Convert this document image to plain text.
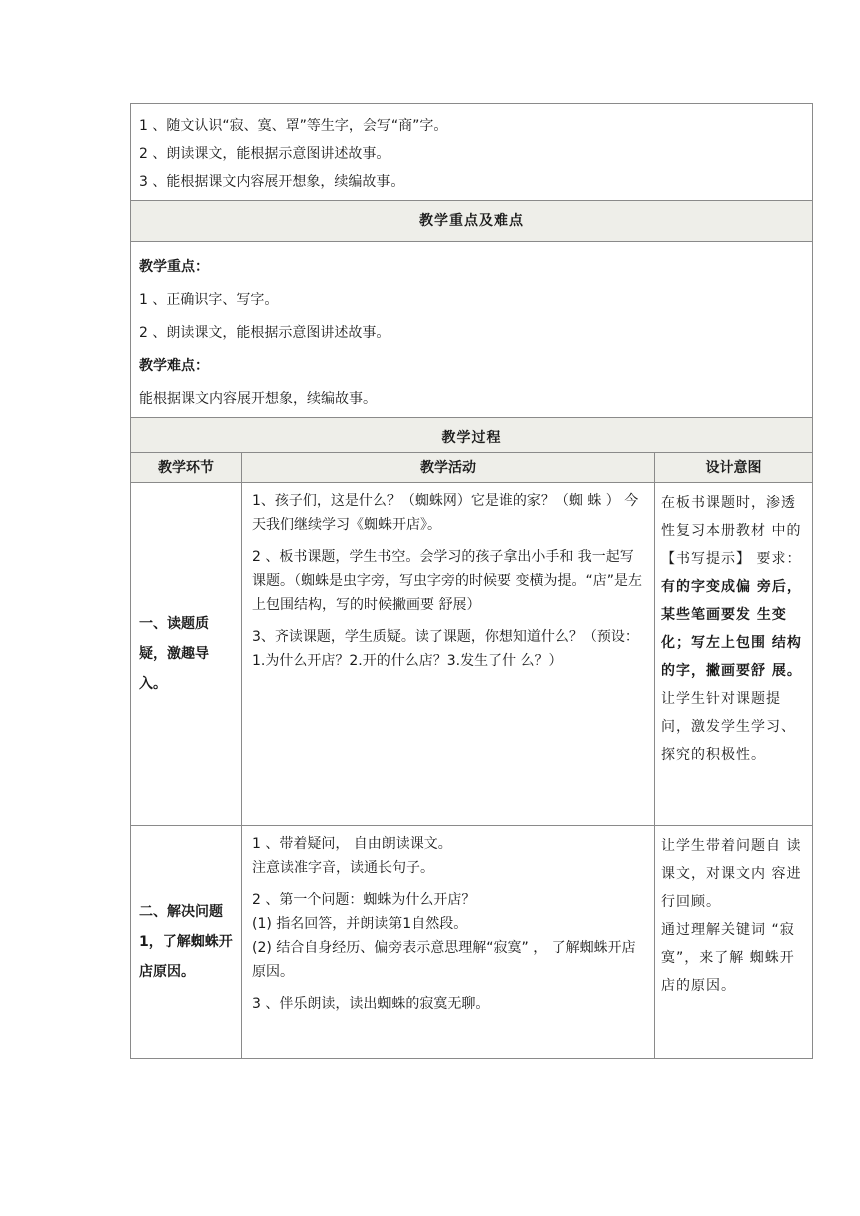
1 、随文认识“寂、寞、罩”等生字，会写“商”字。
2 、朗读课文，能根据示意图讲述故事。
3 、能根据课文内容展开想象，续编故事。
教学重点及难点
教学重点：
1 、正确识字、写字。
2 、朗读课文，能根据示意图讲述故事。
教学难点：
能根据课文内容展开想象，续编故事。
教学过程
教学环节	教学活动	设计意图
一、读题质 疑，激趣导 入。

1、孩子们，这是什么？（蜘蛛网）它是谁的家？（蜘 蛛 ） 今天我们继续学习《蜘蛛开店》。

2 、板书课题，学生书空。会学习的孩子拿出小手和 我一起写课题。（蜘蛛是虫字旁，写虫字旁的时候要 变横为提。“店”是左上包围结构，写的时候撇画要 舒展）

3、齐读课题，学生质疑。读了课题，你想知道什么？（预设：1.为什么开店？2.开的什么店？3.发生了什 么？）

在板书课题时，渗透性复习本册教材 中的【书写提示】 要求：有的字变成偏 旁后，某些笔画要发 生变化；写左上包围 结构的字，撇画要舒 展。
让学生针对课题提 问，激发学生学习、 探究的积极性。
二、解决问题1，了解蜘蛛开店原因。

1 、带着疑问， 自由朗读课文。

注意读准字音，读通长句子。

2 、第一个问题：蜘蛛为什么开店？

(1) 指名回答，并朗读第1自然段。

(2) 结合自身经历、偏旁表示意思理解“寂寞” ， 了解蜘蛛开店原因。

3 、伴乐朗读，读出蜘蛛的寂寞无聊。

让学生带着问题自 读课文，对课文内 容进行回顾。
通过理解关键词 “寂寞”，来了解 蜘蛛开店的原因。
